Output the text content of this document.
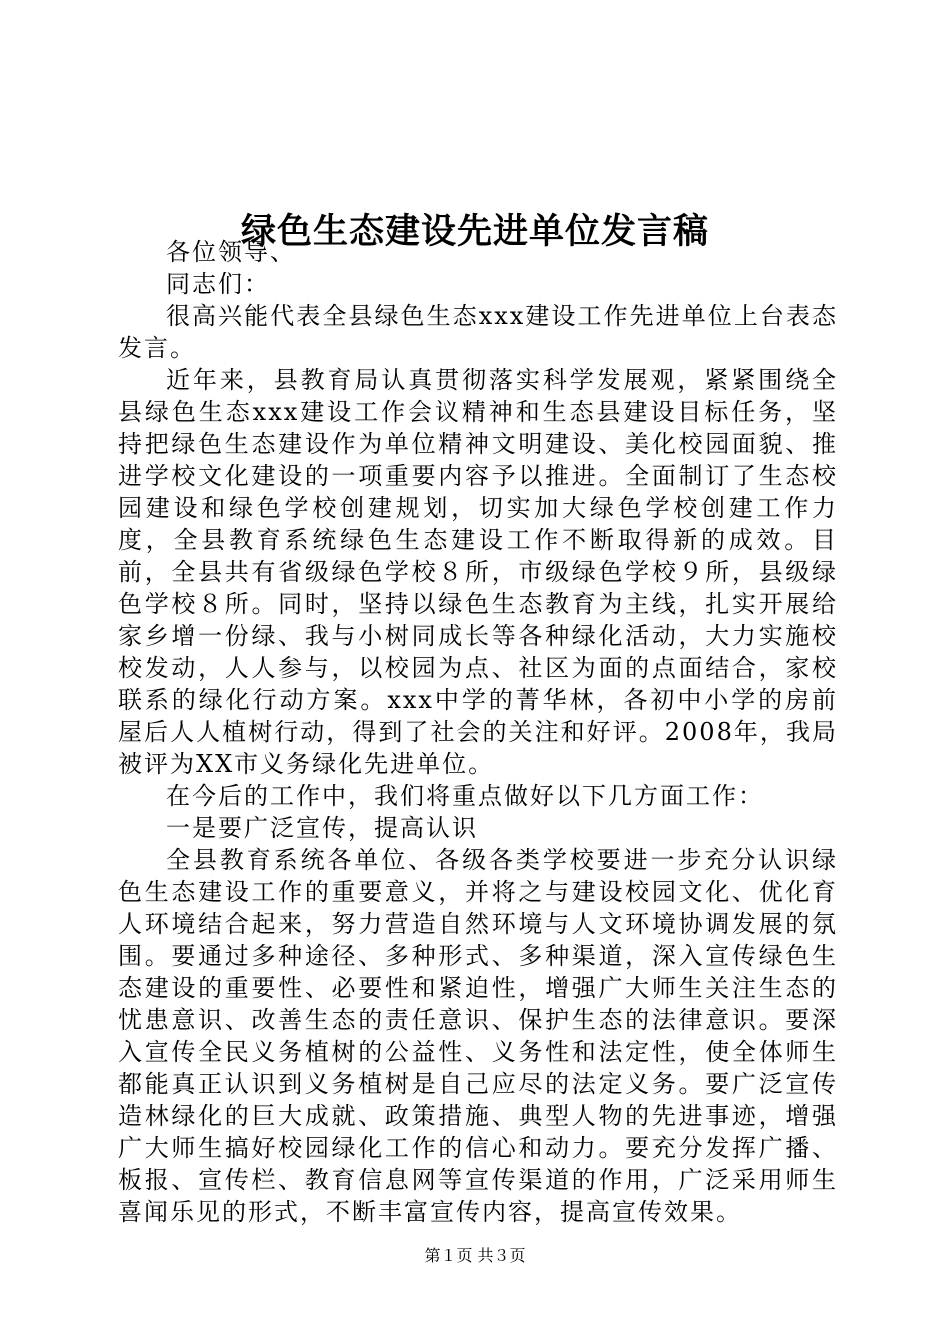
绿色生态建设先进单位发言稿

各位领导、

同志们：

很高兴能代表全县绿色生态xxx建设工作先进单位上台表态发言。

近年来，县教育局认真贯彻落实科学发展观，紧紧围绕全县绿色生态xxx建设工作会议精神和生态县建设目标任务，坚持把绿色生态建设作为单位精神文明建设、美化校园面貌、推进学校文化建设的一项重要内容予以推进。全面制订了生态校园建设和绿色学校创建规划，切实加大绿色学校创建工作力度，全县教育系统绿色生态建设工作不断取得新的成效。目前，全县共有省级绿色学校８所，市级绿色学校９所，县级绿色学校８所。同时，坚持以绿色生态教育为主线，扎实开展给家乡增一份绿、我与小树同成长等各种绿化活动，大力实施校校发动，人人参与，以校园为点、社区为面的点面结合，家校联系的绿化行动方案。xxx中学的菁华林，各初中小学的房前屋后人人植树行动，得到了社会的关注和好评。2008年，我局被评为XX市义务绿化先进单位。

在今后的工作中，我们将重点做好以下几方面工作：

一是要广泛宣传，提高认识

全县教育系统各单位、各级各类学校要进一步充分认识绿色生态建设工作的重要意义，并将之与建设校园文化、优化育人环境结合起来，努力营造自然环境与人文环境协调发展的氛围。要通过多种途径、多种形式、多种渠道，深入宣传绿色生态建设的重要性、必要性和紧迫性，增强广大师生关注生态的忧患意识、改善生态的责任意识、保护生态的法律意识。要深入宣传全民义务植树的公益性、义务性和法定性，使全体师生都能真正认识到义务植树是自己应尽的法定义务。要广泛宣传造林绿化的巨大成就、政策措施、典型人物的先进事迹，增强广大师生搞好校园绿化工作的信心和动力。要充分发挥广播、板报、宣传栏、教育信息网等宣传渠道的作用，广泛采用师生喜闻乐见的形式，不断丰富宣传内容，提高宣传效果。

第１页 共３页
